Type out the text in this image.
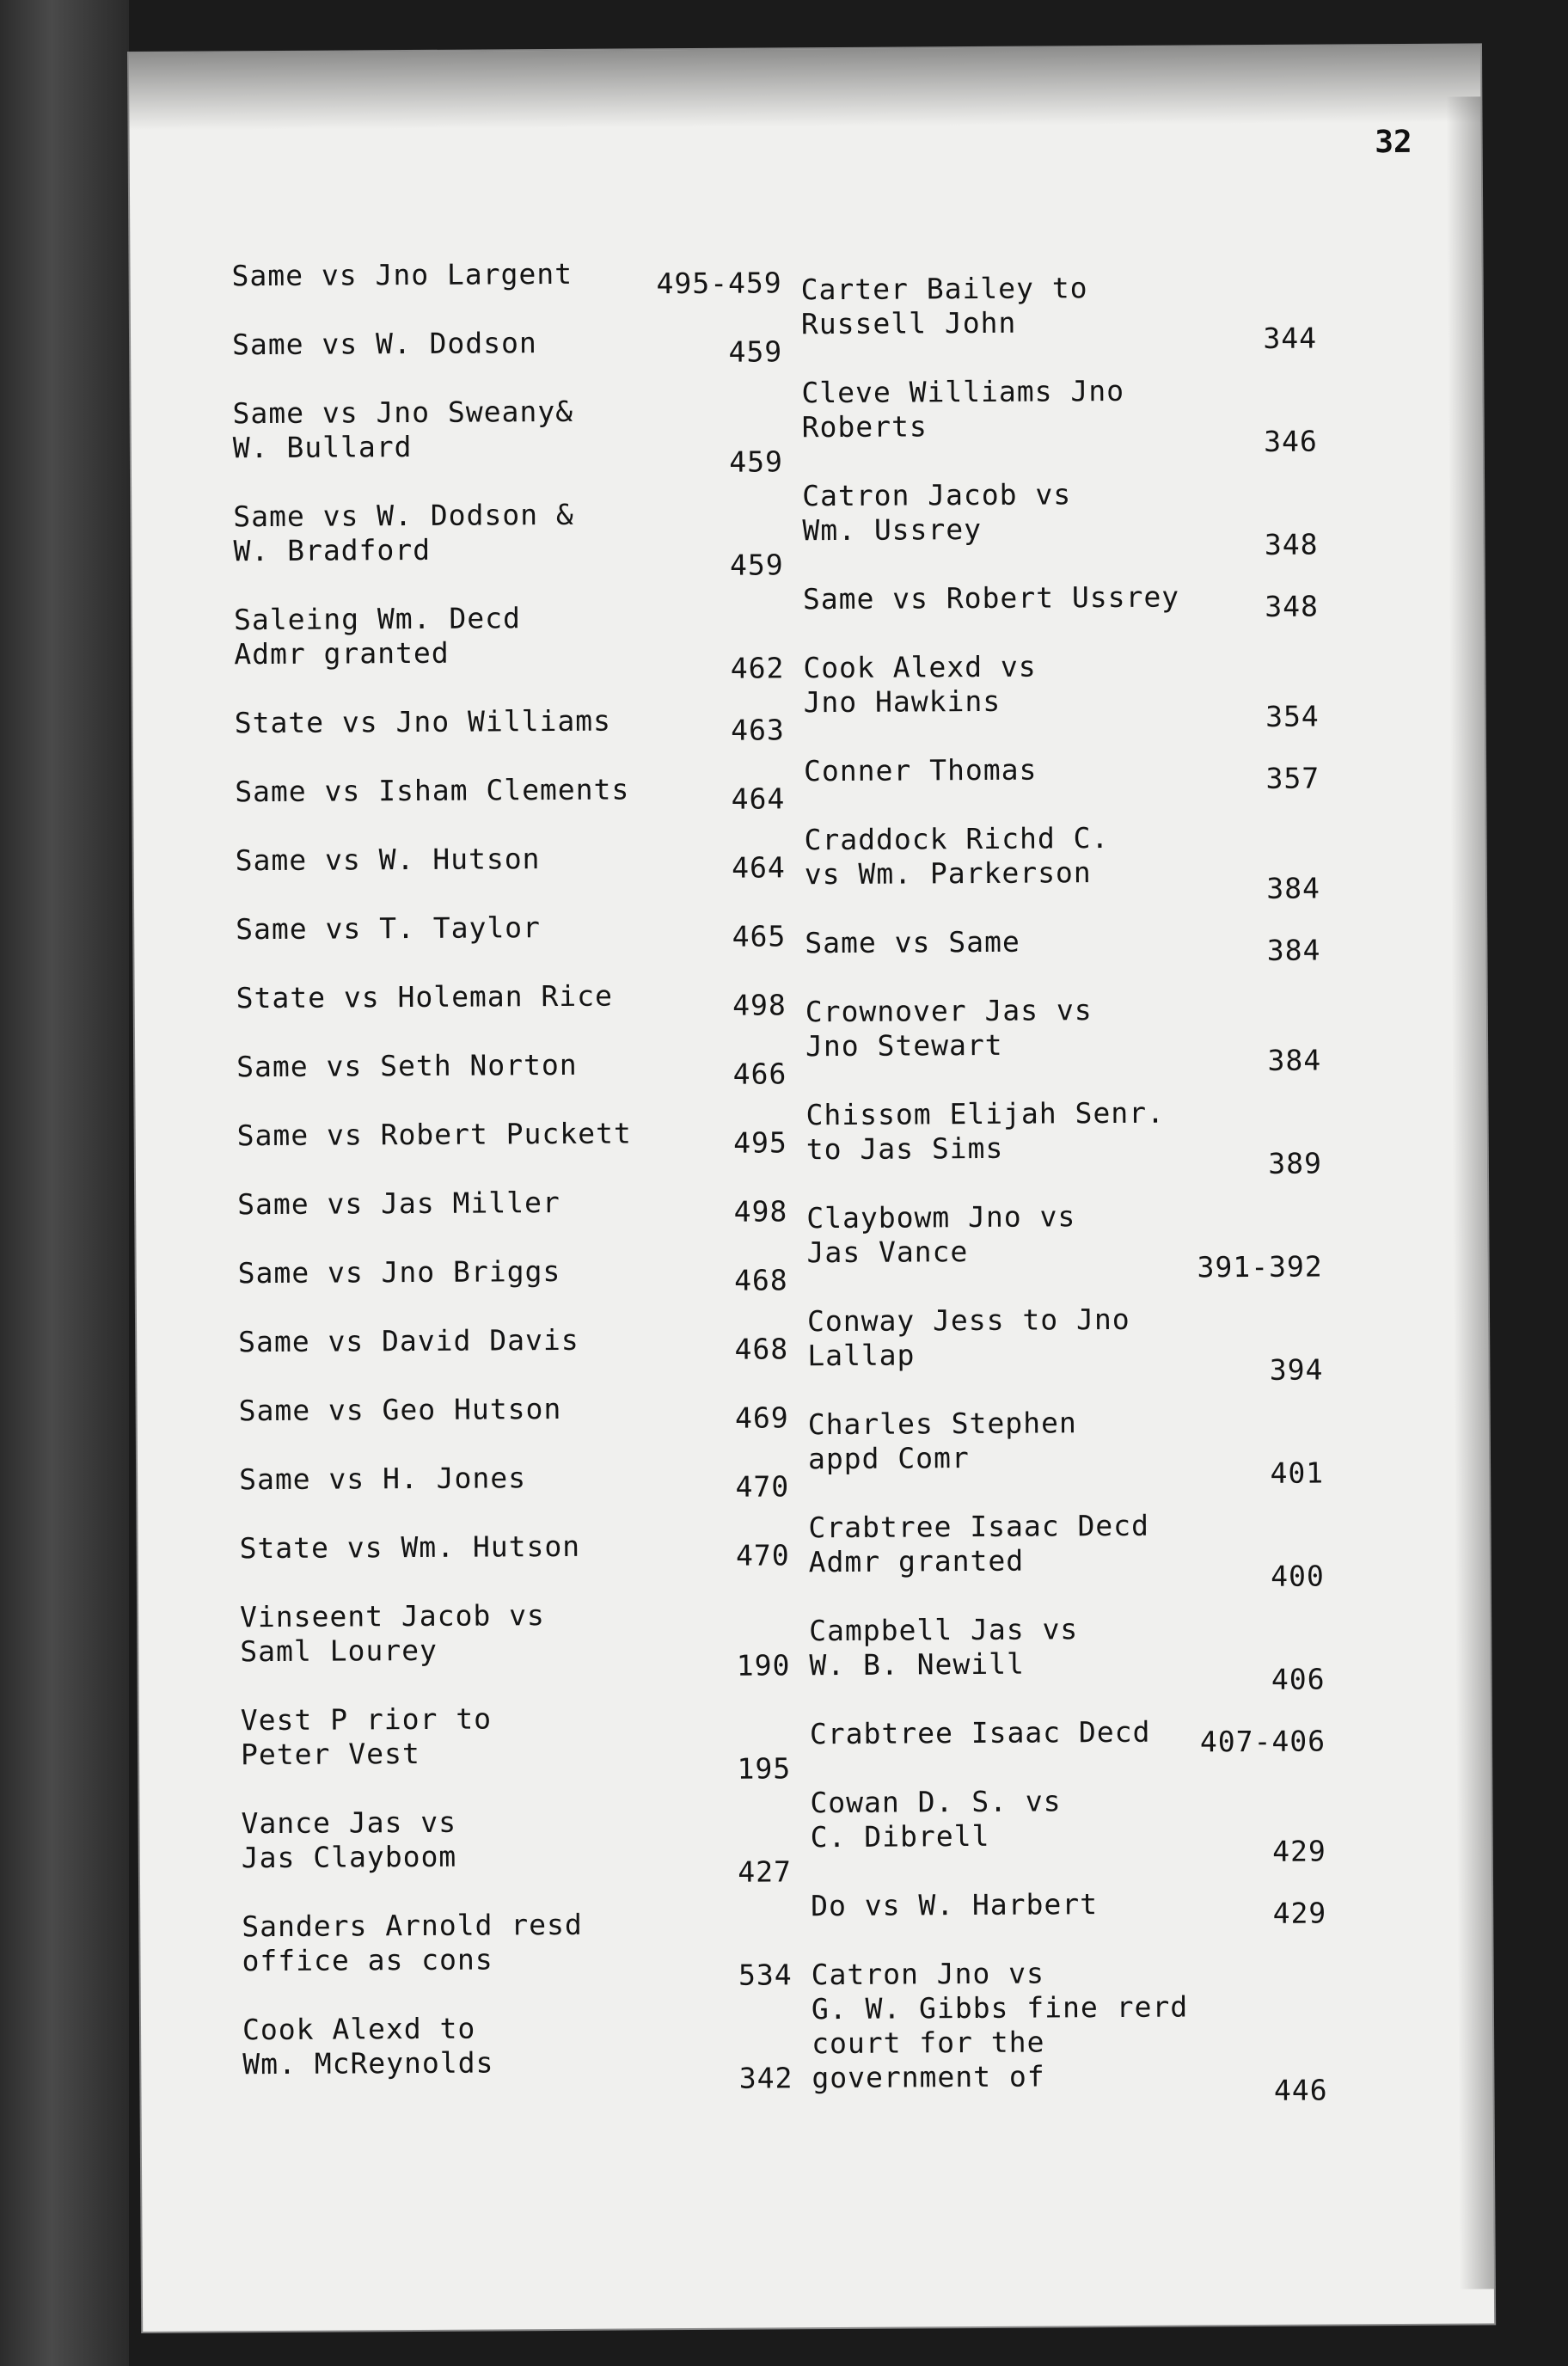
32
Same vs Jno Largent	495-459
Same vs W. Dodson	459
Same vs Jno Sweany&
W. Bullard	459
Same vs W. Dodson &
W. Bradford	459
Saleing Wm. Decd
Admr granted	462
State vs Jno Williams	463
Same vs Isham Clements	464
Same vs W. Hutson	464
Same vs T. Taylor	465
State vs Holeman Rice	498
Same vs Seth Norton	466
Same vs Robert Puckett	495
Same vs Jas Miller	498
Same vs Jno Briggs	468
Same vs David Davis	468
Same vs Geo Hutson	469
Same vs H. Jones	470
State vs Wm. Hutson	470
Vinseent Jacob vs
Saml Lourey	190
Vest P rior to
Peter Vest	195
Vance Jas vs
Jas Clayboom	427
Sanders Arnold resd
office as cons	534
Cook Alexd to
Wm. McReynolds	342
Carter Bailey to
Russell John	344
Cleve Williams Jno
Roberts	346
Catron Jacob vs
Wm. Ussrey	348
Same vs Robert Ussrey	348
Cook Alexd vs
Jno Hawkins	354
Conner Thomas	357
Craddock Richd C.
vs Wm. Parkerson	384
Same vs Same	384
Crownover Jas vs
Jno Stewart	384
Chissom Elijah Senr.
to Jas Sims	389
Claybowm Jno vs
Jas Vance	391-392
Conway Jess to Jno
Lallap	394
Charles Stephen
appd Comr	401
Crabtree Isaac Decd
Admr granted	400
Campbell Jas vs
W. B. Newill	406
Crabtree Isaac Decd	407-406
Cowan D. S. vs
C. Dibrell	429
Do vs W. Harbert	429
Catron Jno vs
G. W. Gibbs fine rerd
court for the
government of	446
